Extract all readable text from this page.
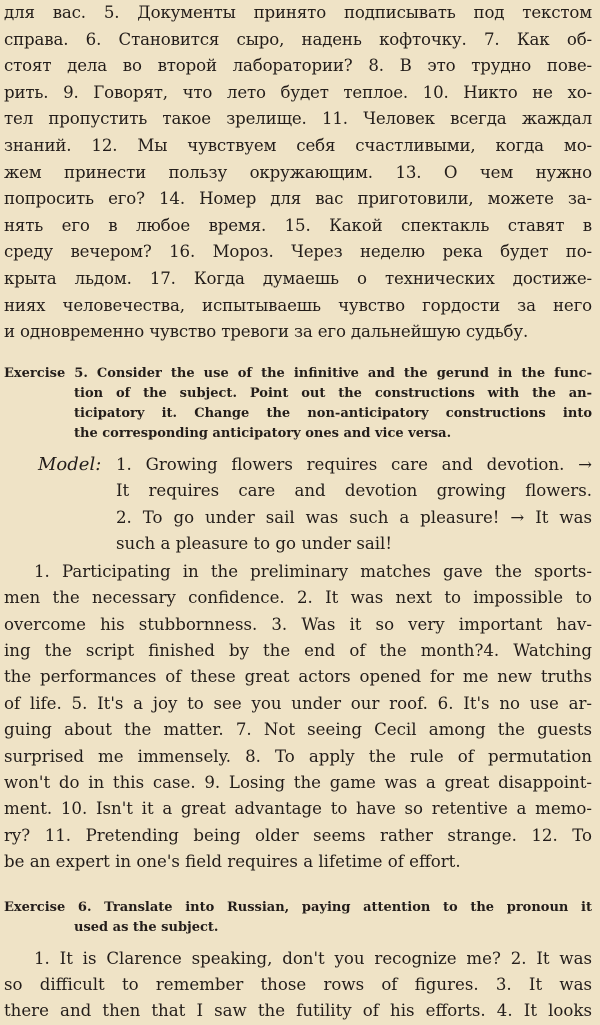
для вас. 5. Документы принято подписывать под текстом

справа. 6. Становится сыро, надень кофточку. 7. Как об-

стоят дела во второй лаборатории? 8. В это трудно пове-

рить. 9. Говорят, что лето будет теплое. 10. Никто не хо-

тел пропустить такое зрелище. 11. Человек всегда жаждал

знаний. 12. Мы чувствуем себя счастливыми, когда мо-

жем принести пользу окружающим. 13. О чем нужно

попросить его? 14. Номер для вас приготовили, можете за-

нять его в любое время. 15. Какой спектакль ставят в

среду вечером? 16. Мороз. Через неделю река будет по-

крыта льдом. 17. Когда думаешь о технических достиже-

ниях человечества, испытываешь чувство гордости за него

и одновременно чувство тревоги за его дальнейшую судьбу.

Exercise 5. Consider the use of the infinitive and the gerund in the func-

tion of the subject. Point out the constructions with the an-

ticipatory it. Change the non-anticipatory constructions into

the corresponding anticipatory ones and vice versa.

Model: 1. Growing flowers requires care and devotion. →

It requires care and devotion growing flowers.

2. To go under sail was such a pleasure! → It was

such a pleasure to go under sail!

1. Participating in the preliminary matches gave the sports-

men the necessary confidence. 2. It was next to impossible to

overcome his stubbornness. 3. Was it so very important hav-

ing the script finished by the end of the month?4. Watching

the performances of these great actors opened for me new truths

of life. 5. It's a joy to see you under our roof. 6. It's no use ar-

guing about the matter. 7. Not seeing Cecil among the guests

surprised me immensely. 8. To apply the rule of permutation

won't do in this case. 9. Losing the game was a great disappoint-

ment. 10. Isn't it a great advantage to have so retentive a memo-

ry? 11. Pretending being older seems rather strange. 12. To

be an expert in one's field requires a lifetime of effort.

Exercise 6. Translate into Russian, paying attention to the pronoun it

used as the subject.

1. It is Clarence speaking, don't you recognize me? 2. It was

so difficult to remember those rows of figures. 3. It was

there and then that I saw the futility of his efforts. 4. It looks
